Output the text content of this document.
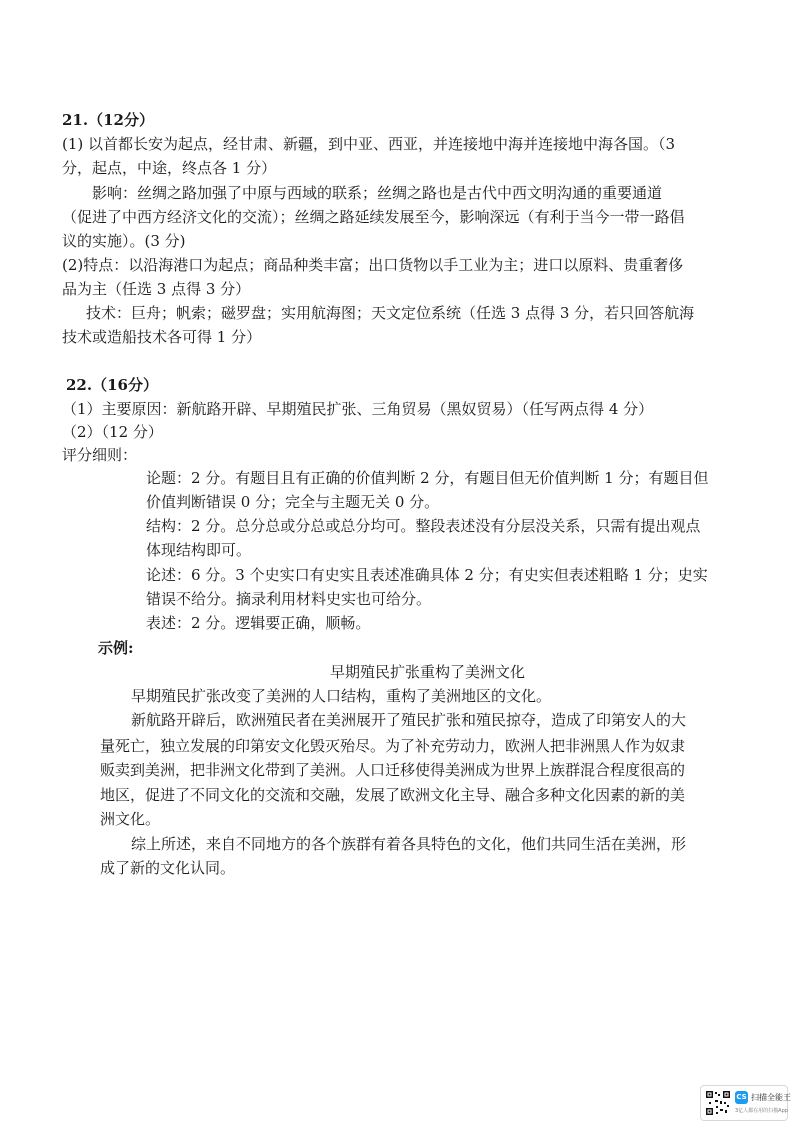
21.（12分）
(1) 以首都长安为起点，经甘肃、新疆，到中亚、西亚，并连接地中海并连接地中海各国。（3
分，起点，中途，终点各 1 分）
影响：丝绸之路加强了中原与西域的联系；丝绸之路也是古代中西文明沟通的重要通道
（促进了中西方经济文化的交流）；丝绸之路延续发展至今，影响深远（有利于当今一带一路倡
议的实施）。(3 分)
(2)特点：以沿海港口为起点；商品种类丰富；出口货物以手工业为主；进口以原料、贵重奢侈
品为主（任选 3 点得 3 分）
技术：巨舟；帆索；磁罗盘；实用航海图；天文定位系统（任选 3 点得 3 分，若只回答航海
技术或造船技术各可得 1 分）
22.（16分）
（1）主要原因：新航路开辟、早期殖民扩张、三角贸易（黑奴贸易）（任写两点得 4 分）
（2）（12 分）
评分细则：
论题：2 分。有题目且有正确的价值判断 2 分，有题目但无价值判断 1 分；有题目但
价值判断错误 0 分；完全与主题无关 0 分。
结构：2 分。总分总或分总或总分均可。整段表述没有分层没关系，只需有提出观点
体现结构即可。
论述：6 分。3 个史实口有史实且表述准确具体 2 分；有史实但表述粗略 1 分；史实
错误不给分。摘录利用材料史实也可给分。
表述：2 分。逻辑要正确，顺畅。
示例:
早期殖民扩张重构了美洲文化
早期殖民扩张改变了美洲的人口结构，重构了美洲地区的文化。
新航路开辟后，欧洲殖民者在美洲展开了殖民扩张和殖民掠夺，造成了印第安人的大
量死亡，独立发展的印第安文化毁灭殆尽。为了补充劳动力，欧洲人把非洲黑人作为奴隶
贩卖到美洲，把非洲文化带到了美洲。人口迁移使得美洲成为世界上族群混合程度很高的
地区，促进了不同文化的交流和交融，发展了欧洲文化主导、融合多种文化因素的新的美
洲文化。
综上所述，来自不同地方的各个族群有着各具特色的文化，他们共同生活在美洲，形
成了新的文化认同。
CS 扫描全能王
3亿人都在用的扫描App
